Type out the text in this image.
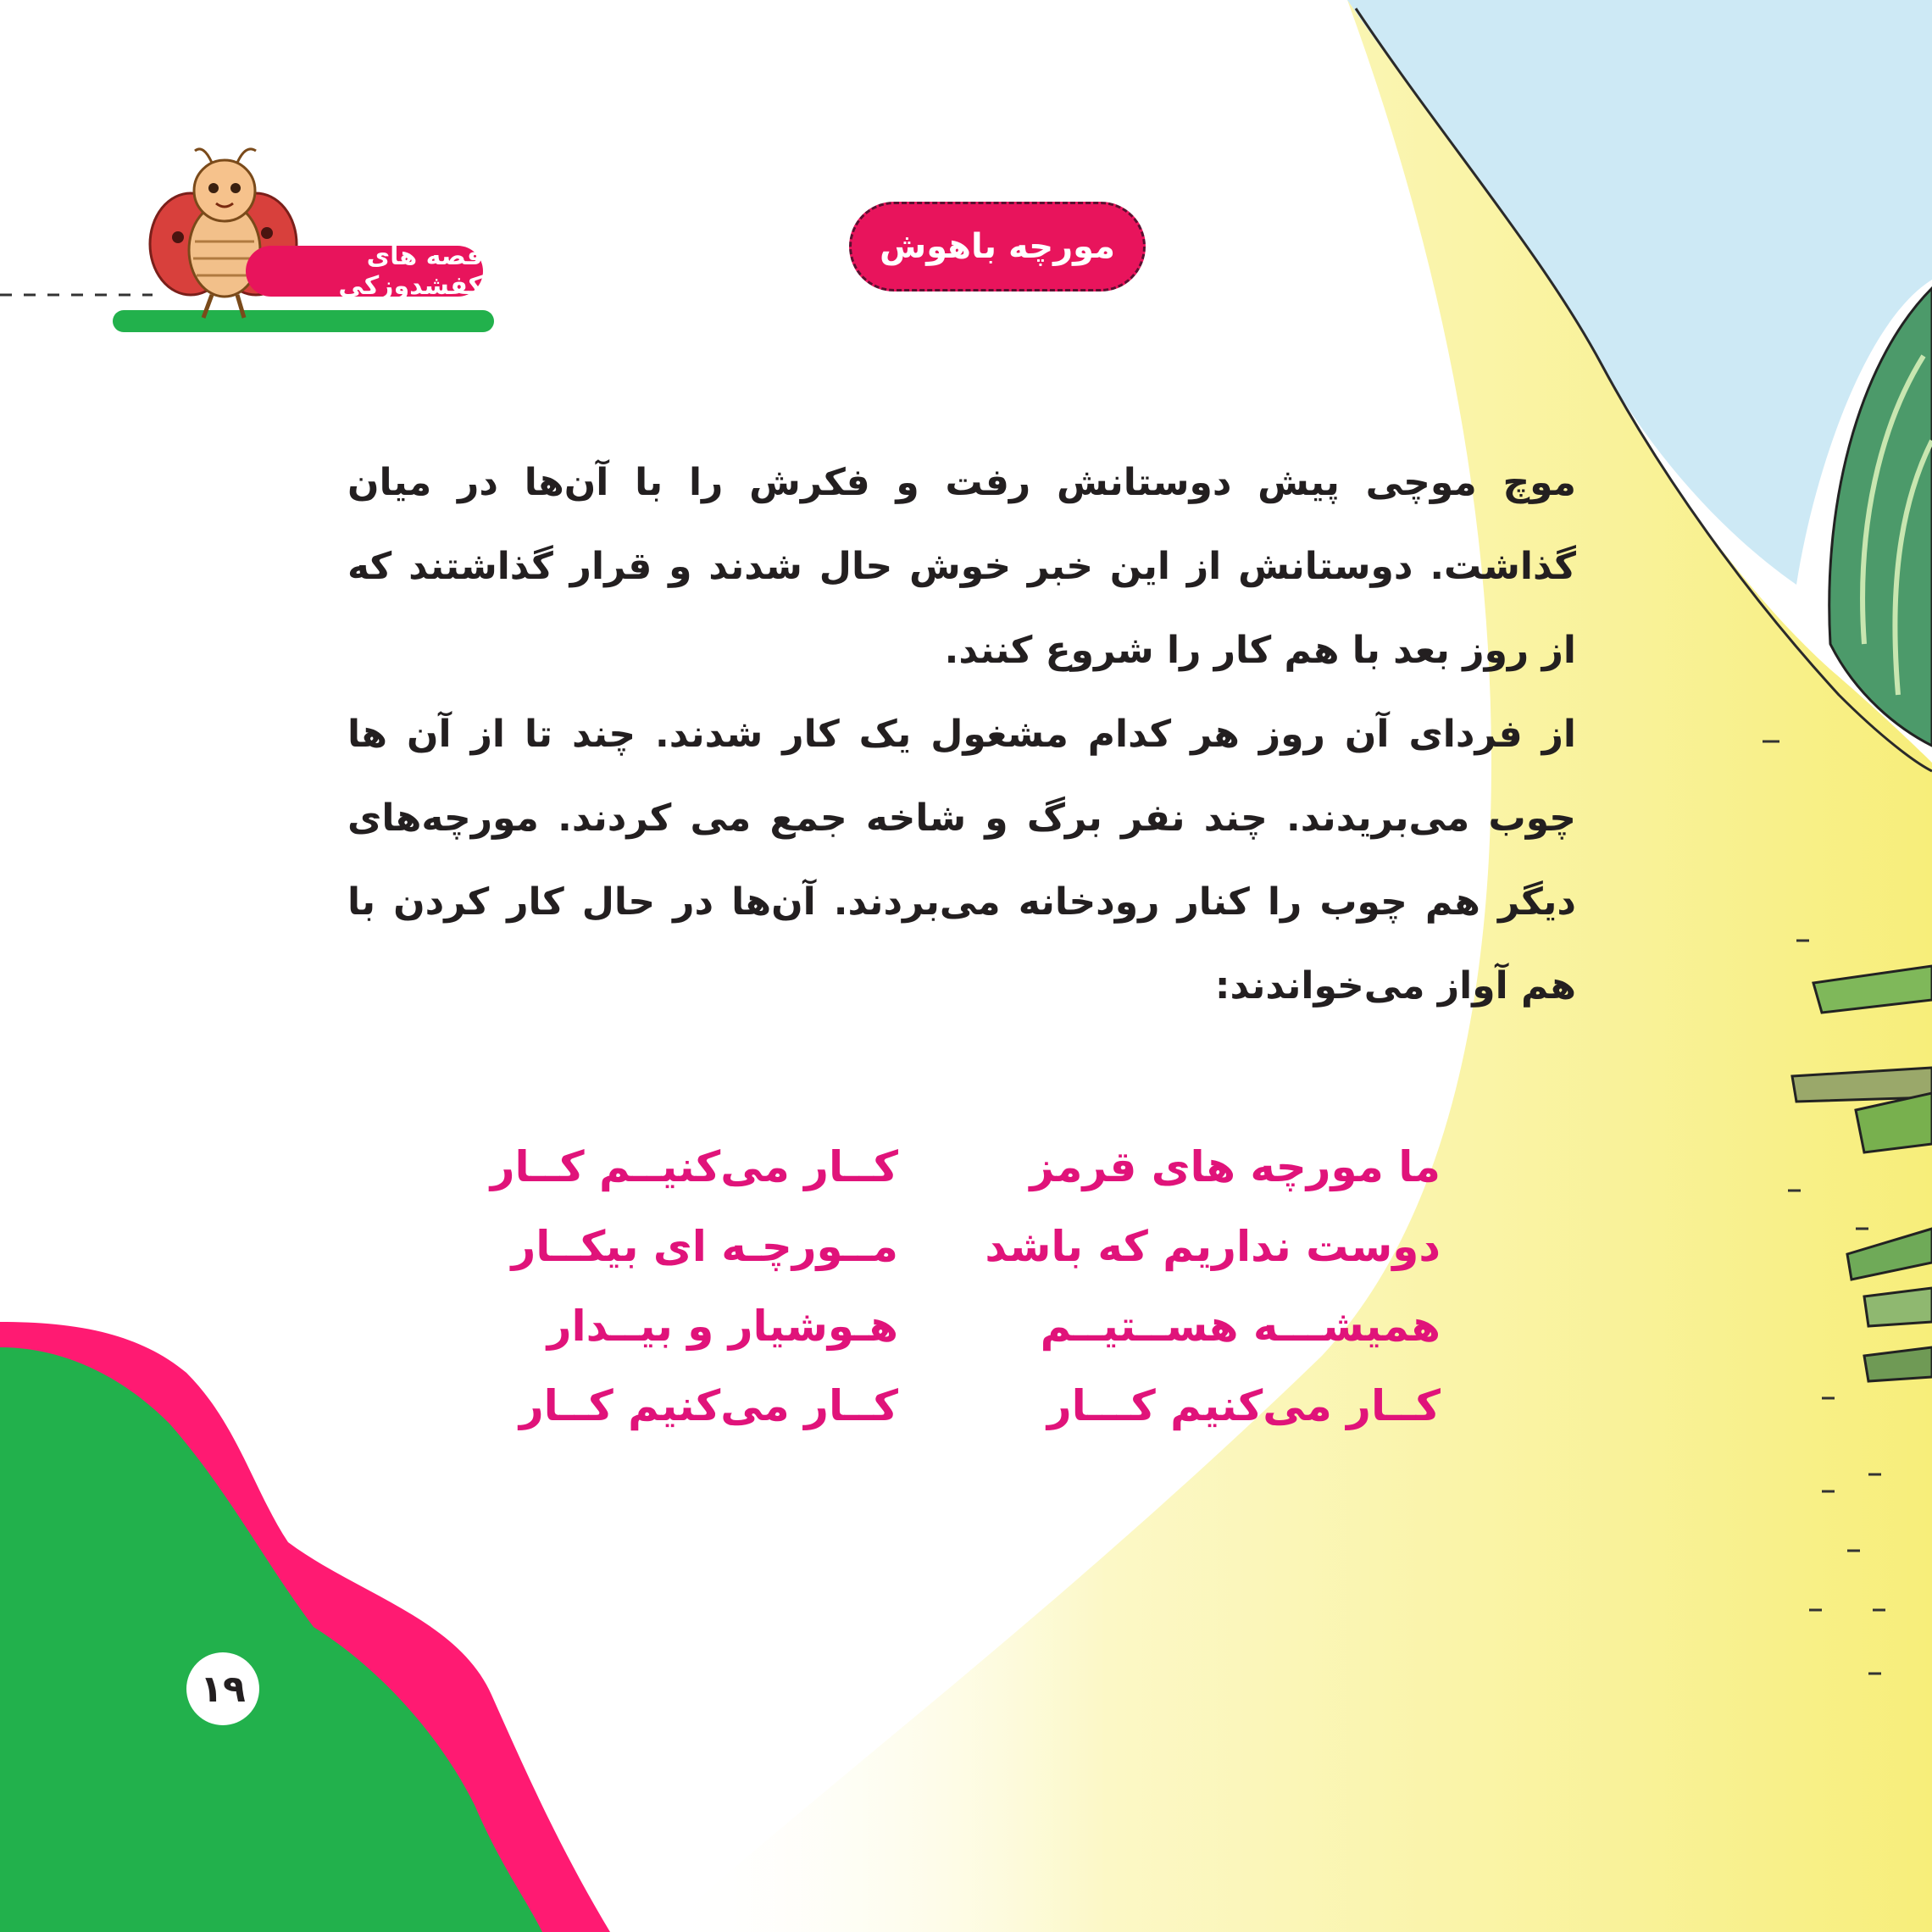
قصه های کفشدوزکی
مورچه باهوش

موچ موچی پیش دوستانش رفت و فکرش را با آن‌ها در میان گذاشت. دوستانش از این خبر خوش حال شدند و قرار گذاشتند که از روز بعد با هم کار را شروع کنند.

از فردای آن روز هر کدام مشغول یک کار شدند. چند تا از آن ها چوب می‌بریدند. چند نفر برگ و شاخه جمع می کردند. مورچه‌های دیگر هم چوب را کنار رودخانه می‌بردند. آن‌ها در حال کار کردن با هم آواز می‌خواندند:

ما مورچه های قرمز
دوست نداریم که باشد
همیشـــه هســتیــم
کــار می‌کنیم کـــار
کــار می‌کنیــم کــار
مــورچـه ای بیکــار
هـوشیار و بیــدار
کــار می‌کنیم کــار
۱۹
